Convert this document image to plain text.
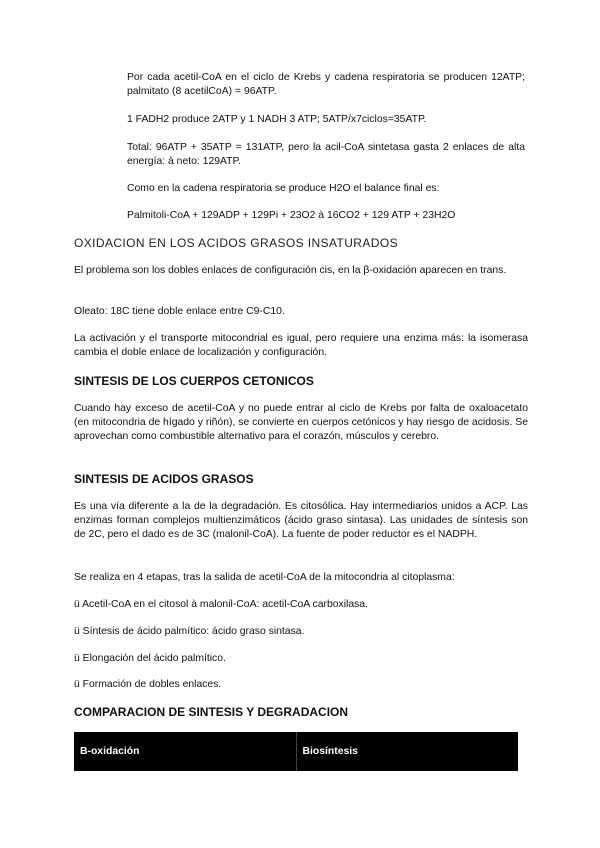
Por cada acetil-CoA en el ciclo de Krebs y cadena respiratoria se producen 12ATP; palmitato (8 acetilCoA) = 96ATP.

1 FADH2 produce 2ATP y 1 NADH 3 ATP; 5ATP/x7ciclos=35ATP.

Total: 96ATP + 35ATP = 131ATP, pero la acil-CoA sintetasa gasta 2 enlaces de alta energía: à neto: 129ATP.

Como en la cadena respiratoria se produce H2O el balance final es:

Palmitoli-CoA + 129ADP + 129Pi + 23O2 à 16CO2 + 129 ATP + 23H2O

OXIDACION EN LOS ACIDOS GRASOS INSATURADOS

El problema son los dobles enlaces de configuración cis, en la β-oxidación aparecen en trans.

Oleato: 18C tiene doble enlace entre C9-C10.

La activación y el transporte mitocondrial es igual, pero requiere una enzima más: la isomerasa cambia el doble enlace de localización y configuración.

SINTESIS DE LOS CUERPOS CETONICOS

Cuando hay exceso de acetil-CoA y no puede entrar al ciclo de Krebs por falta de oxaloacetato (en mitocondria de hígado y riñón), se convierte en cuerpos cetónicos y hay riesgo de acidosis. Se aprovechan como combustible alternativo para el corazón, músculos y cerebro.

SINTESIS DE ACIDOS GRASOS

Es una vía diferente a la de la degradación. Es citosólica. Hay intermediarios unidos a ACP. Las enzimas forman complejos multienzimáticos (ácido graso sintasa). Las unidades de síntesis son de 2C, pero el dado es de 3C (malonil-CoA). La fuente de poder reductor es el NADPH.

Se realiza en 4 etapas, tras la salida de acetil-CoA de la mitocondria al citoplasma:

ü Acetil-CoA en el citosol à malonil-CoA: acetil-CoA carboxilasa.

ü Síntesis de ácido palmítico: ácido graso sintasa.

ü Elongación del ácido palmítico.

ü Formación de dobles enlaces.

COMPARACION DE SINTESIS Y DEGRADACION
B-oxidación	Biosíntesis
